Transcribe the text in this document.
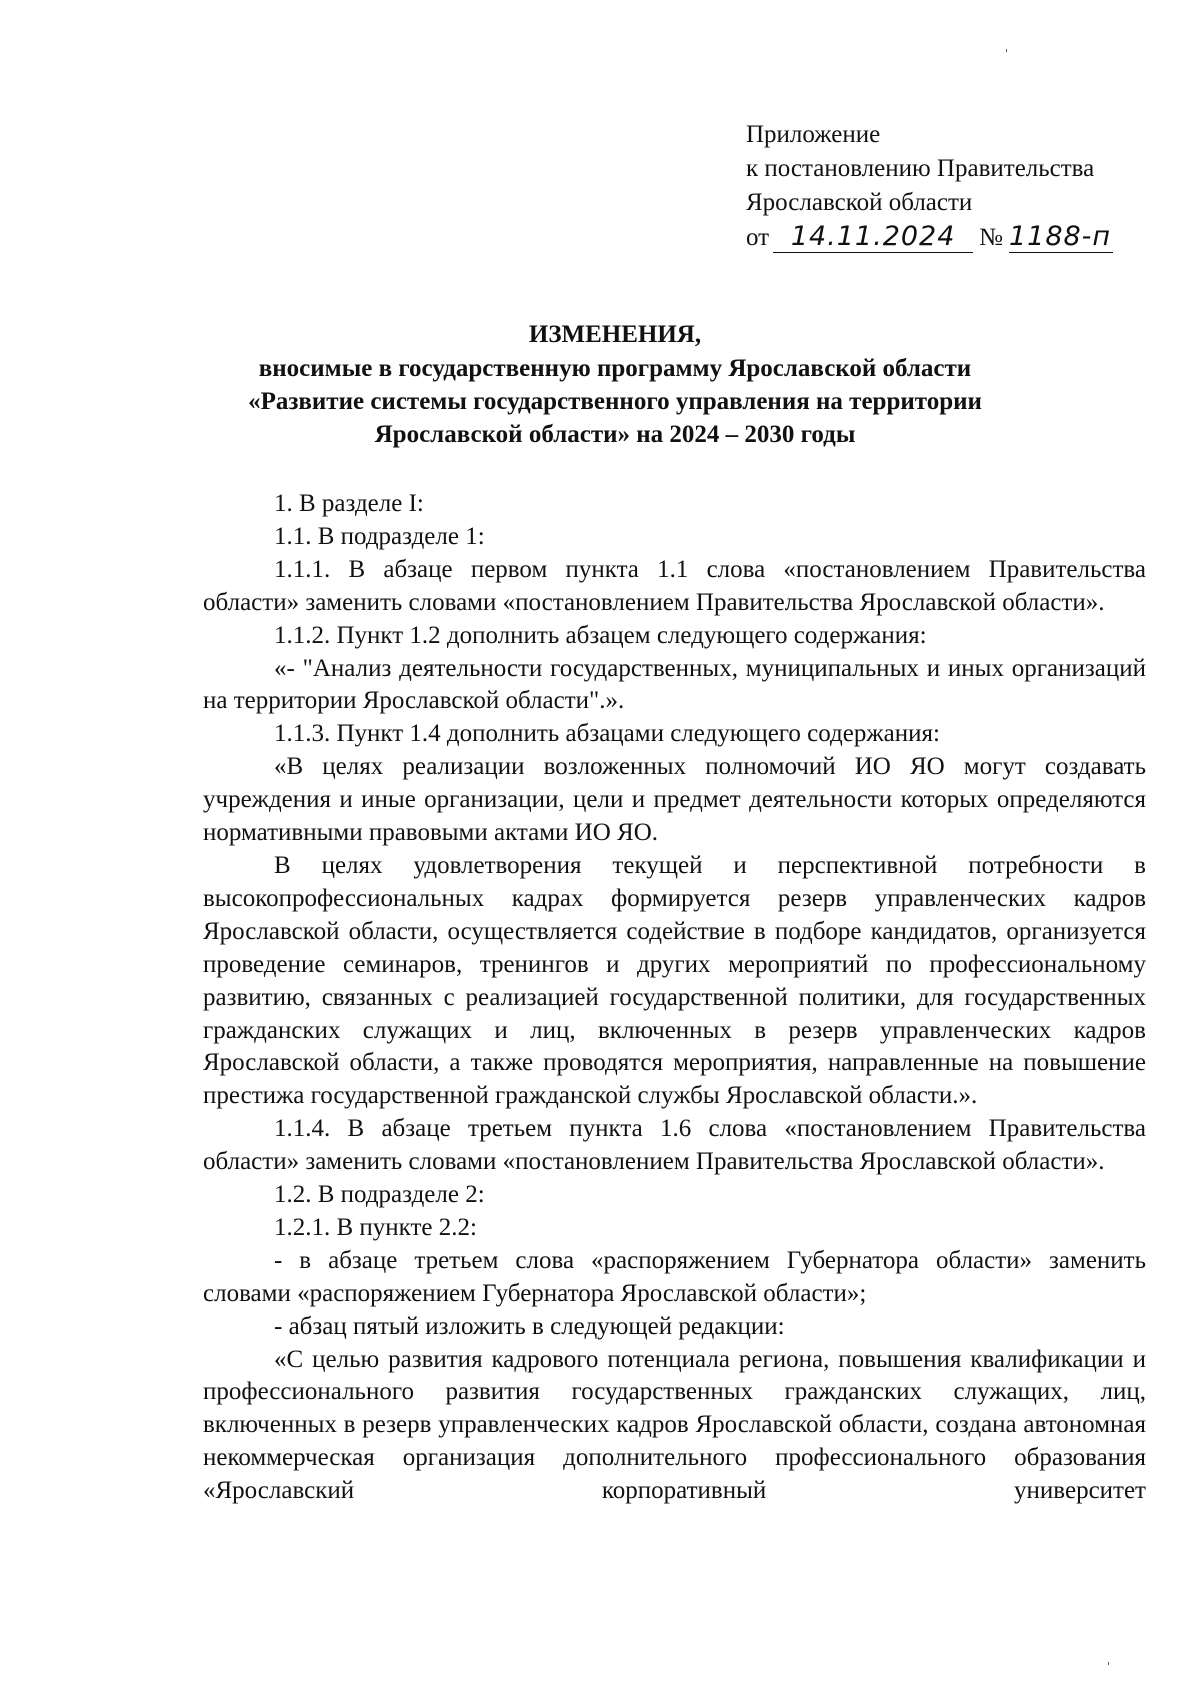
Приложение
к постановлению Правительства
Ярославской области
от 14.11.2024 № 1188-п
ИЗМЕНЕНИЯ,
вносимые в государственную программу Ярославской области
«Развитие системы государственного управления на территории
Ярославской области» на 2024 – 2030 годы

1. В разделе I:

1.1. В подразделе 1:

1.1.1. В абзаце первом пункта 1.1 слова «постановлением Правительства области» заменить словами «постановлением Правительства Ярославской области».

1.1.2. Пункт 1.2 дополнить абзацем следующего содержания:

«- "Анализ деятельности государственных, муниципальных и иных организаций на территории Ярославской области".».

1.1.3. Пункт 1.4 дополнить абзацами следующего содержания:

«В целях реализации возложенных полномочий ИО ЯО могут создавать учреждения и иные организации, цели и предмет деятельности которых определяются нормативными правовыми актами ИО ЯО.

В целях удовлетворения текущей и перспективной потребности в высокопрофессиональных кадрах формируется резерв управленческих кадров Ярославской области, осуществляется содействие в подборе кандидатов, организуется проведение семинаров, тренингов и других мероприятий по профессиональному развитию, связанных с реализацией государственной политики, для государственных гражданских служащих и лиц, включенных в резерв управленческих кадров Ярославской области, а также проводятся мероприятия, направленные на повышение престижа государственной гражданской службы Ярославской области.».

1.1.4. В абзаце третьем пункта 1.6 слова «постановлением Правительства области» заменить словами «постановлением Правительства Ярославской области».

1.2. В подразделе 2:

1.2.1. В пункте 2.2:

- в абзаце третьем слова «распоряжением Губернатора области» заменить словами «распоряжением Губернатора Ярославской области»;

- абзац пятый изложить в следующей редакции:

«С целью развития кадрового потенциала региона, повышения квалификации и профессионального развития государственных гражданских служащих, лиц, включенных в резерв управленческих кадров Ярославской области, создана автономная некоммерческая организация дополнительного профессионального образования «Ярославский корпоративный университет
